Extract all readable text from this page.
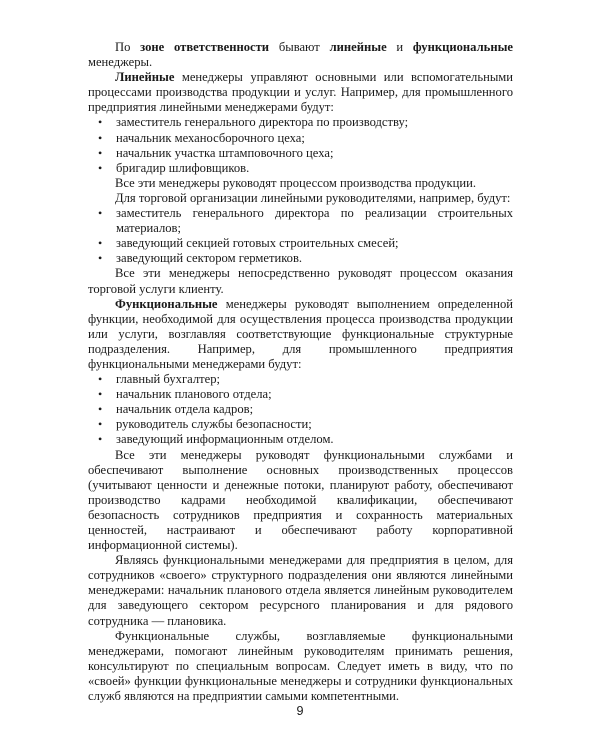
По зоне ответственности бывают линейные и функциональные менеджеры.

Линейные менеджеры управляют основными или вспомогательными процессами производства продукции и услуг. Например, для промышленного предприятия линейными менеджерами будут:

• заместитель генерального директора по производству;
• начальник механосборочного цеха;
• начальник участка штамповочного цеха;
• бригадир шлифовщиков.

Все эти менеджеры руководят процессом производства продукции.

Для торговой организации линейными руководителями, например, будут:

• заместитель генерального директора по реализации строительных материалов;
• заведующий секцией готовых строительных смесей;
• заведующий сектором герметиков.

Все эти менеджеры непосредственно руководят процессом оказания торговой услуги клиенту.

Функциональные менеджеры руководят выполнением определенной функции, необходимой для осуществления процесса производства продукции или услуги, возглавляя соответствующие функциональные структурные подразделения. Например, для промышленного предприятия функциональными менеджерами будут:

• главный бухгалтер;
• начальник планового отдела;
• начальник отдела кадров;
• руководитель службы безопасности;
• заведующий информационным отделом.

Все эти менеджеры руководят функциональными службами и обеспечивают выполнение основных производственных процессов (учитывают ценности и денежные потоки, планируют работу, обеспечивают производство кадрами необходимой квалификации, обеспечивают безопасность сотрудников предприятия и сохранность материальных ценностей, настраивают и обеспечивают работу корпоративной информационной системы).

Являясь функциональными менеджерами для предприятия в целом, для сотрудников «своего» структурного подразделения они являются линейными менеджерами: начальник планового отдела является линейным руководителем для заведующего сектором ресурсного планирования и для рядового сотрудника — плановика.

Функциональные службы, возглавляемые функциональными менеджерами, помогают линейным руководителям принимать решения, консультируют по специальным вопросам. Следует иметь в виду, что по «своей» функции функциональные менеджеры и сотрудники функциональных служб являются на предприятии самыми компетентными.

9
